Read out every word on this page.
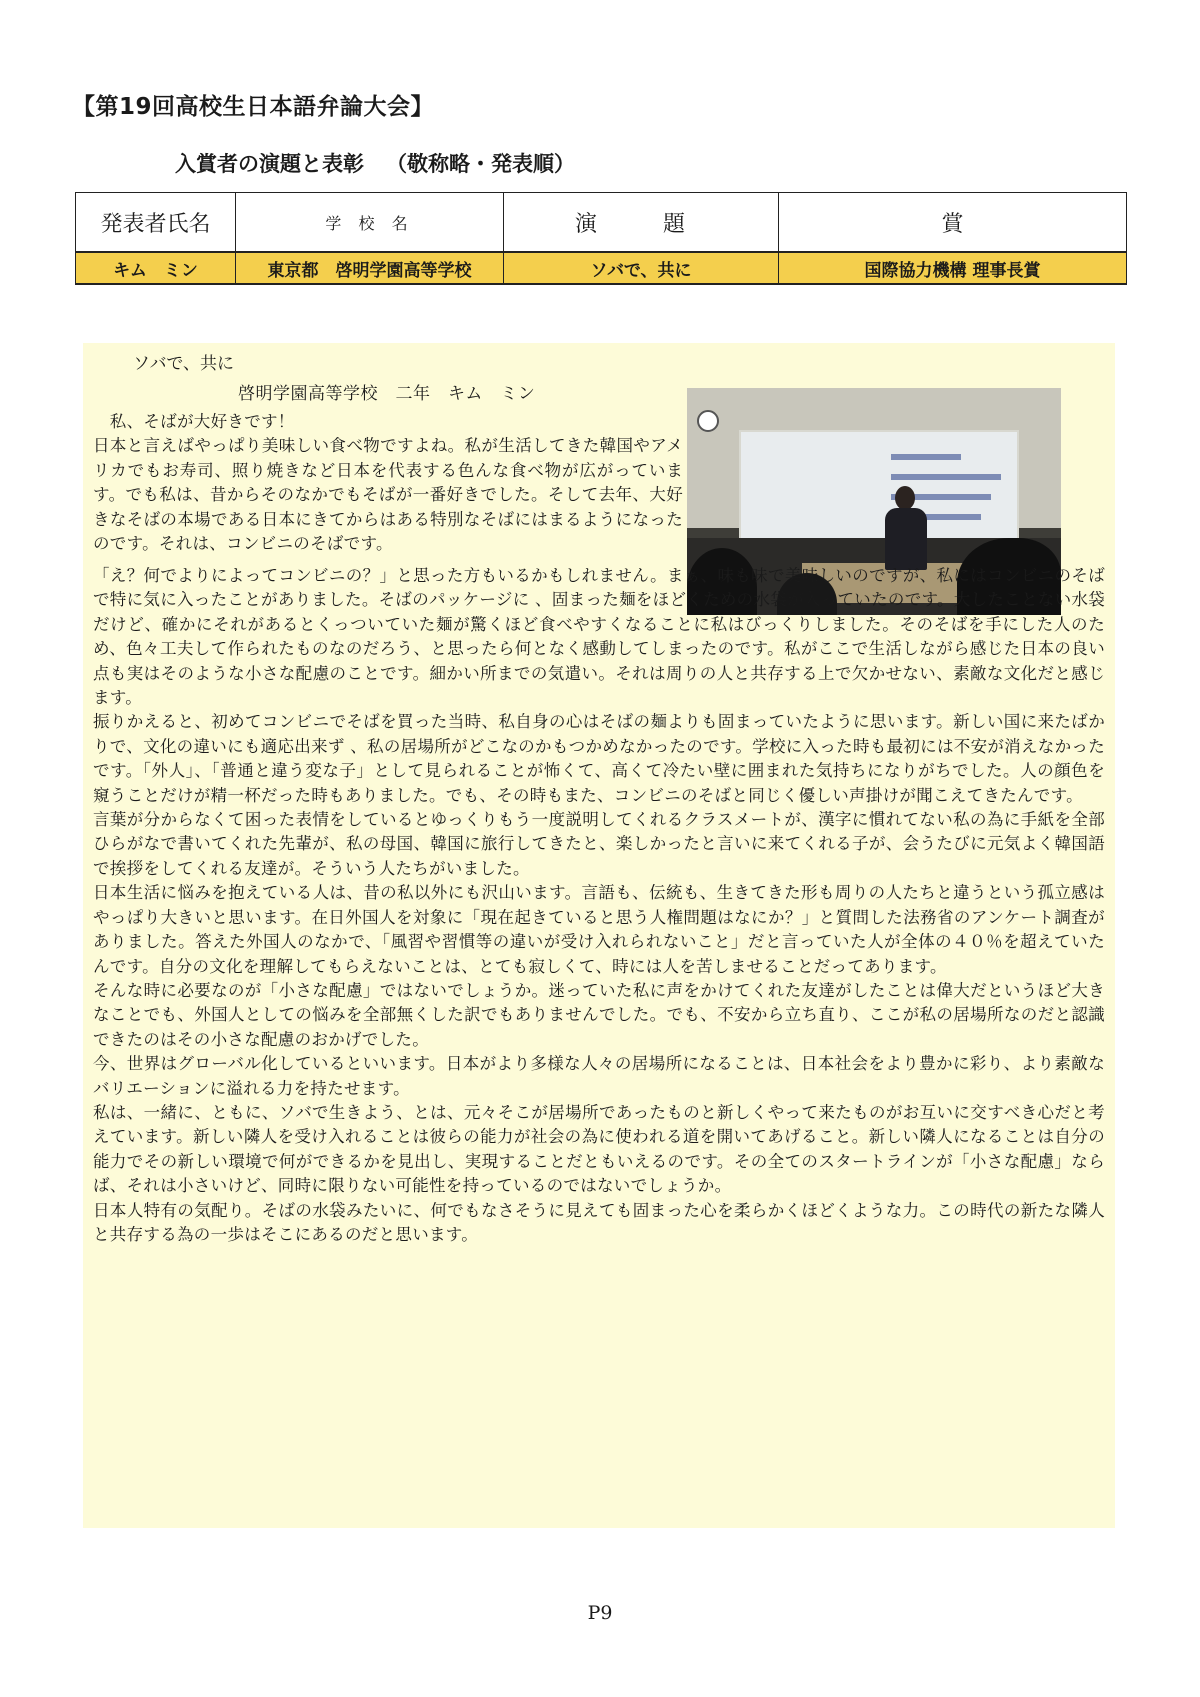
【第19回高校生日本語弁論大会】
入賞者の演題と表彰 （敬称略・発表順）
発表者氏名	学 校 名	演　題	賞
キム　ミン	東京都　啓明学園高等学校	ソバで、共に	国際協力機構 理事長賞
ソバで、共に
啓明学園高等学校　二年　キム　ミン
　私、そばが大好きです！
日本と言えばやっぱり美味しい食べ物ですよね。私が生活してきた韓国やアメリカでもお寿司、照り焼きなど日本を代表する色んな食べ物が広がっています。でも私は、昔からそのなかでもそばが一番好きでした。そして去年、大好きなそばの本場である日本にきてからはある特別なそばにはまるようになったのです。それは、コンビニのそばです。
「え？何でよりによってコンビニの？」と思った方もいるかもしれません。まぁ、味も味で美味しいのですが、私にはコンビニのそばで特に気に入ったことがありました。そばのパッケージに 、固まった麺をほどくための水袋が入っていたのです。大したことない水袋だけど、確かにそれがあるとくっついていた麺が驚くほど食べやすくなることに私はびっくりしました。そのそばを手にした人のため、色々工夫して作られたものなのだろう、と思ったら何となく感動してしまったのです。私がここで生活しながら感じた日本の良い点も実はそのような小さな配慮のことです。細かい所までの気遣い。それは周りの人と共存する上で欠かせない、素敵な文化だと感じます。
振りかえると、初めてコンビニでそばを買った当時、私自身の心はそばの麺よりも固まっていたように思います。新しい国に来たばかりで、文化の違いにも適応出来ず 、私の居場所がどこなのかもつかめなかったのです。学校に入った時も最初には不安が消えなかったです。「外人」、「普通と違う変な子」として見られることが怖くて、高くて冷たい壁に囲まれた気持ちになりがちでした。人の顔色を窺うことだけが精一杯だった時もありました。でも、その時もまた、コンビニのそばと同じく優しい声掛けが聞こえてきたんです。
言葉が分からなくて困った表情をしているとゆっくりもう一度説明してくれるクラスメートが、漢字に慣れてない私の為に手紙を全部ひらがなで書いてくれた先輩が、私の母国、韓国に旅行してきたと、楽しかったと言いに来てくれる子が、会うたびに元気よく韓国語で挨拶をしてくれる友達が。そういう人たちがいました。
日本生活に悩みを抱えている人は、昔の私以外にも沢山います。言語も、伝統も、生きてきた形も周りの人たちと違うという孤立感はやっぱり大きいと思います。在日外国人を対象に「現在起きていると思う人権問題はなにか？」と質問した法務省のアンケート調査がありました。答えた外国人のなかで、「風習や習慣等の違いが受け入れられないこと」だと言っていた人が全体の４０％を超えていたんです。自分の文化を理解してもらえないことは、とても寂しくて、時には人を苦しませることだってあります。
そんな時に必要なのが「小さな配慮」ではないでしょうか。迷っていた私に声をかけてくれた友達がしたことは偉大だというほど大きなことでも、外国人としての悩みを全部無くした訳でもありませんでした。でも、不安から立ち直り、ここが私の居場所なのだと認識できたのはその小さな配慮のおかげでした。
今、世界はグローバル化しているといいます。日本がより多様な人々の居場所になることは、日本社会をより豊かに彩り、より素敵なバリエーションに溢れる力を持たせます。
私は、一緒に、ともに、ソバで生きよう、とは、元々そこが居場所であったものと新しくやって来たものがお互いに交すべき心だと考えています。新しい隣人を受け入れることは彼らの能力が社会の為に使われる道を開いてあげること。新しい隣人になることは自分の能力でその新しい環境で何ができるかを見出し、実現することだともいえるのです。その全てのスタートラインが「小さな配慮」ならば、それは小さいけど、同時に限りない可能性を持っているのではないでしょうか。
日本人特有の気配り。そばの水袋みたいに、何でもなさそうに見えても固まった心を柔らかくほどくような力。この時代の新たな隣人と共存する為の一歩はそこにあるのだと思います。
P9
